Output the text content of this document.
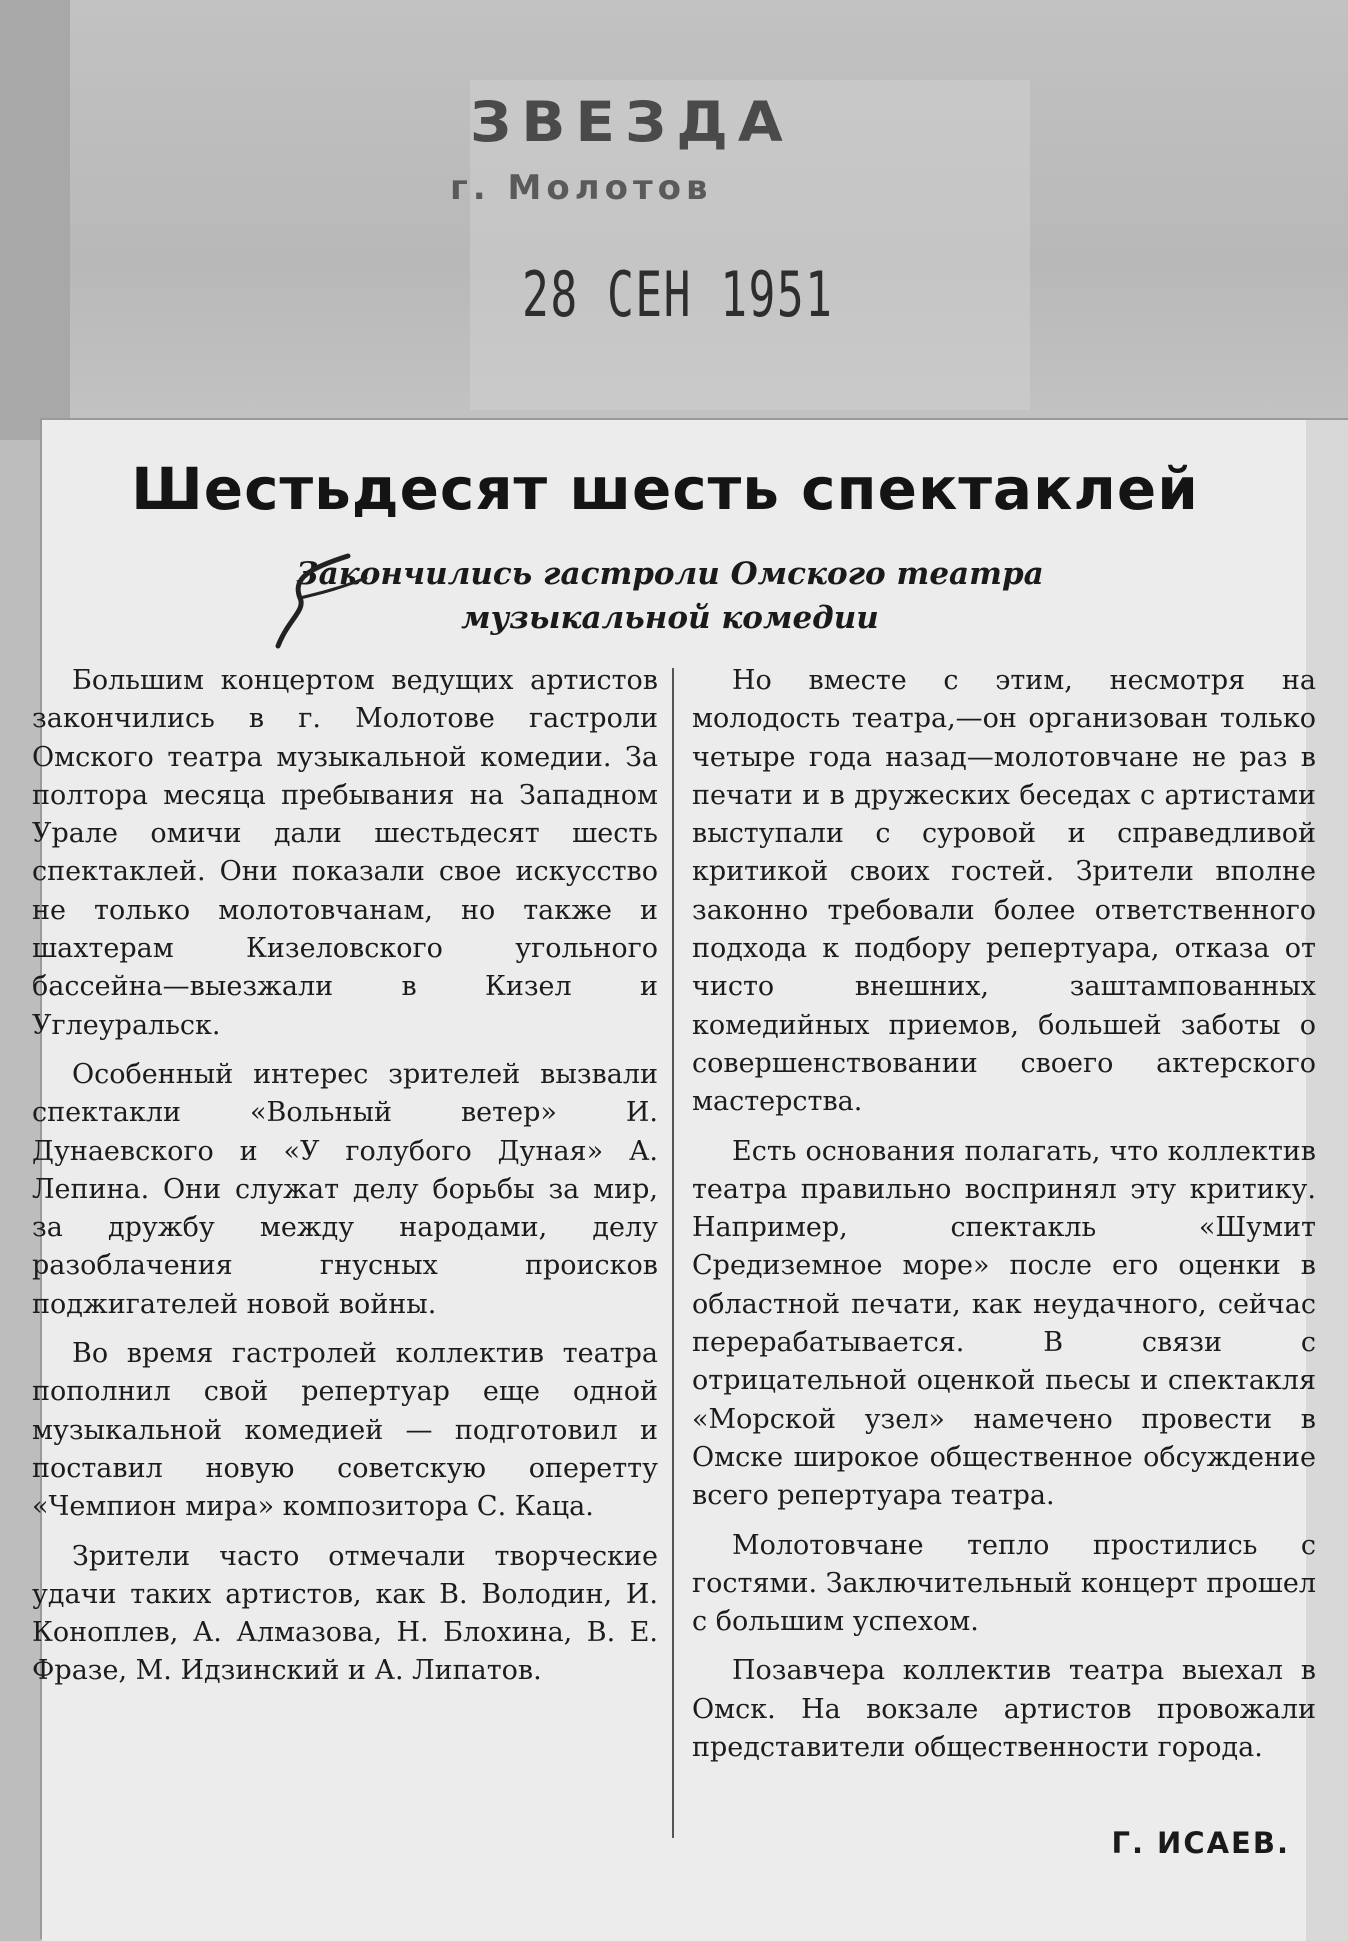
ЗВЕЗДА
г. Молотов
28 СЕН 1951
Шестьдесят шесть спектаклей
Закончились гастроли Омского театра
музыкальной комедии

Большим концертом ведущих артистов закончились в г. Молотове гастроли Омского театра музыкальной комедии. За полтора месяца пребывания на Западном Урале омичи дали шестьдесят шесть спектаклей. Они показали свое искусство не только молотовчанам, но также и шахтерам Кизеловского угольного бассейна—выезжали в Кизел и Углеуральск.

Особенный интерес зрителей вызвали спектакли «Вольный ветер» И. Дунаевского и «У голубого Дуная» А. Лепина. Они служат делу борьбы за мир, за дружбу между народами, делу разоблачения гнусных происков поджигателей новой войны.

Во время гастролей коллектив театра пополнил свой репертуар еще одной музыкальной комедией — подготовил и поставил новую советскую оперетту «Чемпион мира» композитора С. Каца.

Зрители часто отмечали творческие удачи таких артистов, как В. Володин, И. Коноплев, А. Алмазова, Н. Блохина, В. Е. Фразе, М. Идзинский и А. Липатов.

Но вместе с этим, несмотря на молодость театра,—он организован только четыре года назад—молотовчане не раз в печати и в дружеских беседах с артистами выступали с суровой и справедливой критикой своих гостей. Зрители вполне законно требовали более ответственного подхода к подбору репертуара, отказа от чисто внешних, заштампованных комедийных приемов, большей заботы о совершенствовании своего актерского мастерства.

Есть основания полагать, что коллектив театра правильно воспринял эту критику. Например, спектакль «Шумит Средиземное море» после его оценки в областной печати, как неудачного, сейчас перерабатывается. В связи с отрицательной оценкой пьесы и спектакля «Морской узел» намечено провести в Омске широкое общественное обсуждение всего репертуара театра.

Молотовчане тепло простились с гостями. Заключительный концерт прошел с большим успехом.

Позавчера коллектив театра выехал в Омск. На вокзале артистов провожали представители общественности города.

Г. ИСАЕВ.
